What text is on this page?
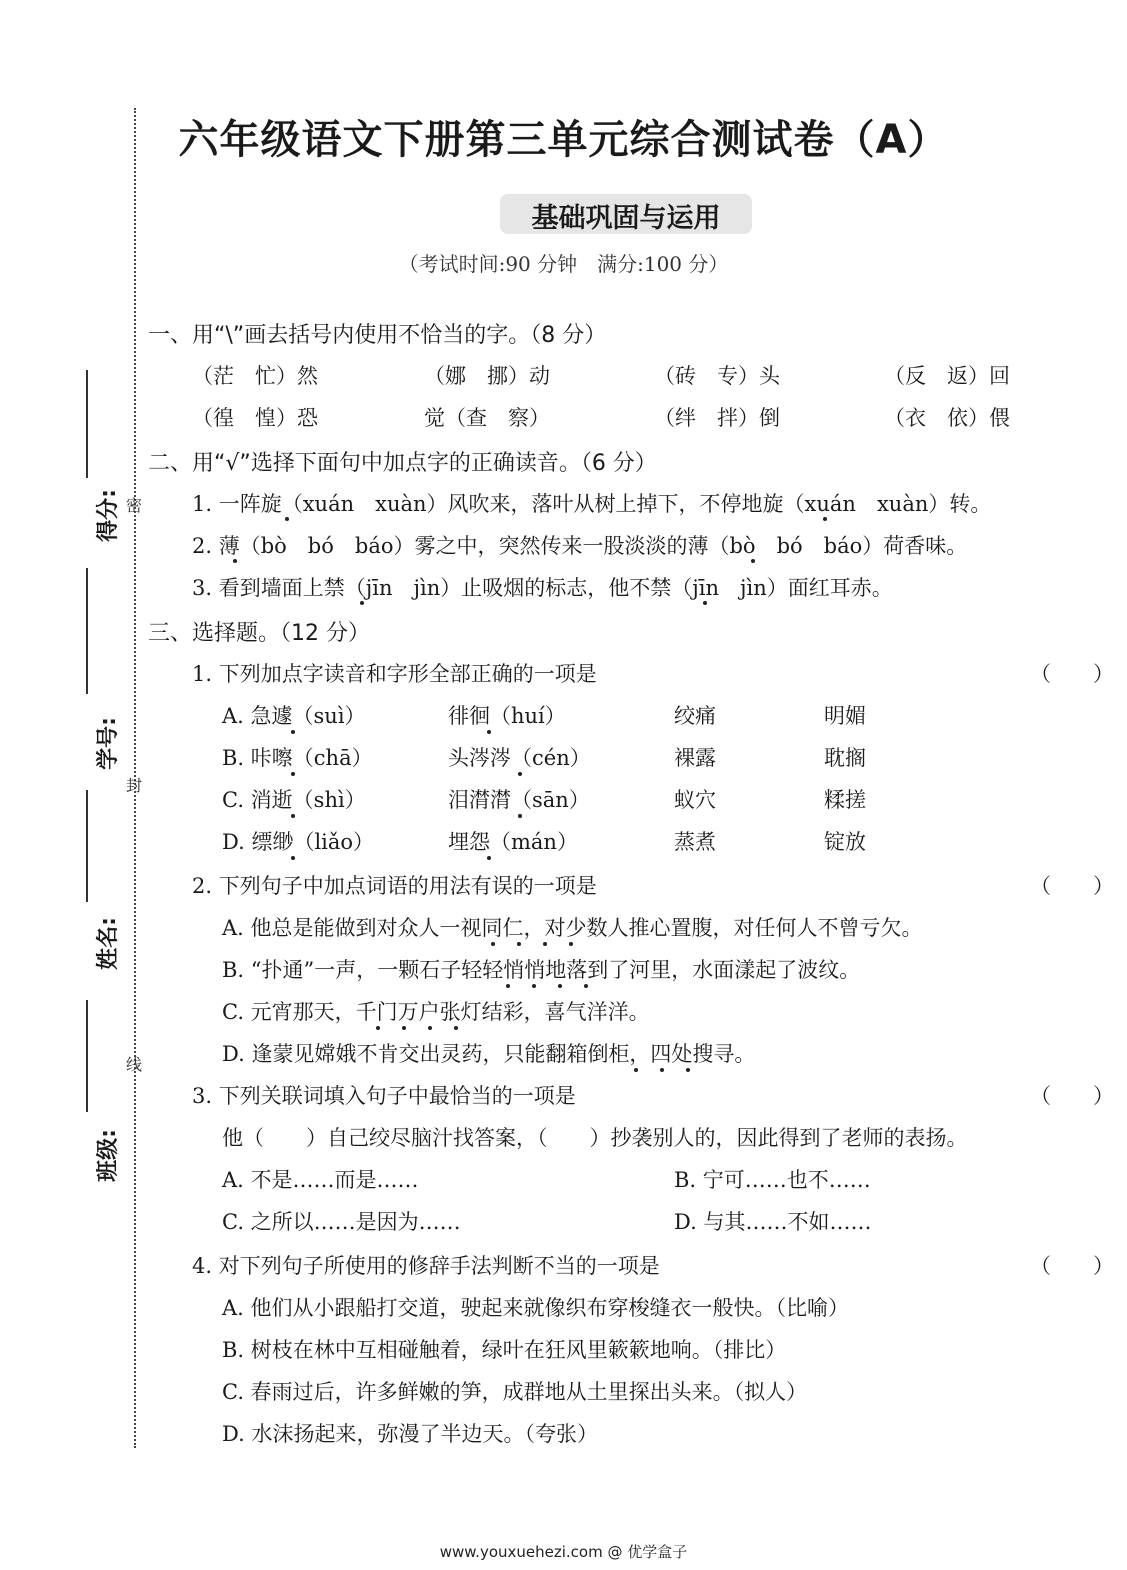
得分:
学号:
姓名:
班级:
密
封
线
六年级语文下册第三单元综合测试卷（A）
基础巩固与运用
（考试时间:90 分钟　满分:100 分）
一、用“\”画去括号内使用不恰当的字。（8 分）
（茫　忙）然	（娜　挪）动	（砖　专）头	（反　返）回
（徨　惶）恐	觉（查　察）	（绊　拌）倒	（衣　依）偎
二、用“√”选择下面句中加点字的正确读音。（6 分）
1. 一阵旋（xuán　xuàn）风吹来，落叶从树上掉下，不停地旋（xuán　xuàn）转。
2. 薄（bò　bó　báo）雾之中，突然传来一股淡淡的薄（bò　bó　báo）荷香味。
3. 看到墙面上禁（jīn　jìn）止吸烟的标志，他不禁（jīn　jìn）面红耳赤。
三、选择题。（12 分）
1. 下列加点字读音和字形全部正确的一项是	（　　）
A. 急遽（suì）	徘徊（huí）	绞痛	明媚
B. 咔嚓（chā）	头涔涔（cén）	裸露	耽搁
C. 消逝（shì）	泪潸潸（sān）	蚁穴	糅搓
D. 缥缈（liǎo）	埋怨（mán）	蒸煮	锭放
2. 下列句子中加点词语的用法有误的一项是	（　　）
A. 他总是能做到对众人一视同仁，对少数人推心置腹，对任何人不曾亏欠。
B. “扑通”一声，一颗石子轻轻悄悄地落到了河里，水面漾起了波纹。
C. 元宵那天，千门万户张灯结彩，喜气洋洋。
D. 逢蒙见嫦娥不肯交出灵药，只能翻箱倒柜，四处搜寻。
3. 下列关联词填入句子中最恰当的一项是	（　　）
他（　　）自己绞尽脑汁找答案，（　　）抄袭别人的，因此得到了老师的表扬。
A. 不是……而是……	B. 宁可……也不……
C. 之所以……是因为……	D. 与其……不如……
4. 对下列句子所使用的修辞手法判断不当的一项是	（　　）
A. 他们从小跟船打交道，驶起来就像织布穿梭缝衣一般快。（比喻）
B. 树枝在林中互相碰触着，绿叶在狂风里簌簌地响。（排比）
C. 春雨过后，许多鲜嫩的笋，成群地从土里探出头来。（拟人）
D. 水沫扬起来，弥漫了半边天。（夸张）
www.youxuehezi.com @ 优学盒子
